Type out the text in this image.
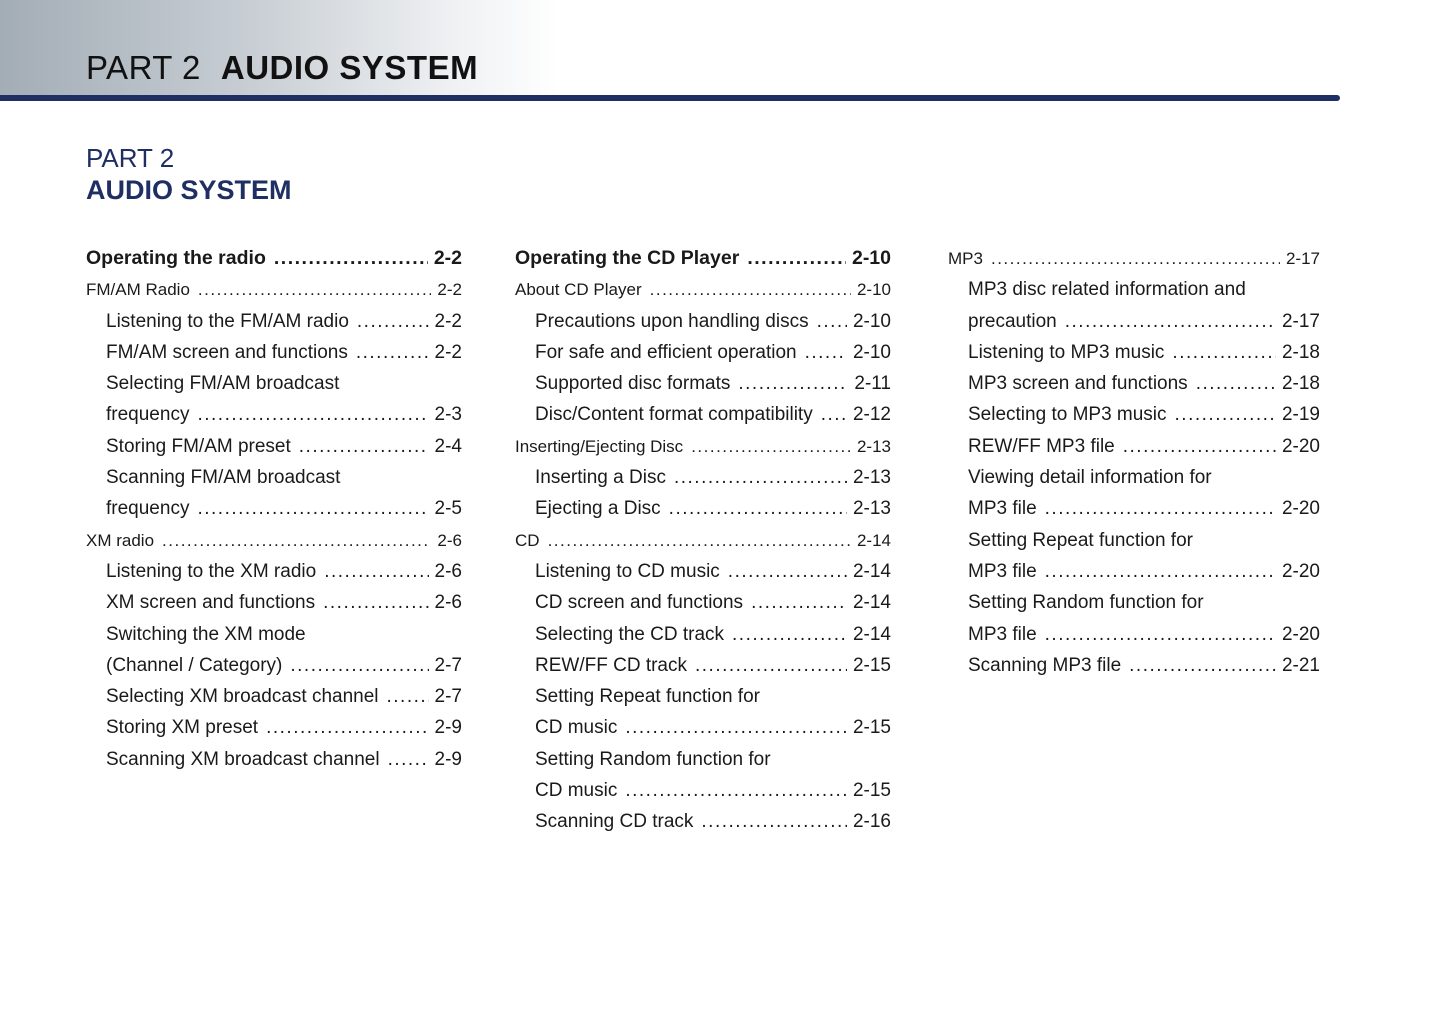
PART 2 AUDIO SYSTEM
PART 2
AUDIO SYSTEM
Operating the radio .....	2-2
FM/AM Radio .....	2-2
Listening to the FM/AM radio .....	2-2
FM/AM screen and functions .....	2-2
Selecting FM/AM broadcast
frequency .....	2-3
Storing FM/AM preset .....	2-4
Scanning FM/AM broadcast
frequency .....	2-5
XM radio .....	2-6
Listening to the XM radio .....	2-6
XM screen and functions .....	2-6
Switching the XM mode
(Channel / Category) .....	2-7
Selecting XM broadcast channel .....	2-7
Storing XM preset .....	2-9
Scanning XM broadcast channel .....	2-9
Operating the CD Player .....	2-10
About CD Player .....	2-10
Precautions upon handling discs ..... 2-10
For safe and efficient operation .....	2-10
Supported disc formats .....	2-11
Disc/Content format compatibility ..... 2-12
Inserting/Ejecting Disc .....	2-13
Inserting a Disc .....	2-13
Ejecting a Disc .....	2-13
CD .....	2-14
Listening to CD music .....	2-14
CD screen and functions .....	2-14
Selecting the CD track .....	2-14
REW/FF CD track .....	2-15
Setting Repeat function for
CD music .....	2-15
Setting Random function for
CD music .....	2-15
Scanning CD track .....	2-16
MP3 .....	2-17
MP3 disc related information and
precaution .....	2-17
Listening to MP3 music .....	2-18
MP3 screen and functions .....	2-18
Selecting to MP3 music .....	2-19
REW/FF MP3 file .....	2-20
Viewing detail information for
MP3 file .....	2-20
Setting Repeat function for
MP3 file .....	2-20
Setting Random function for
MP3 file .....	2-20
Scanning MP3 file .....	2-21
